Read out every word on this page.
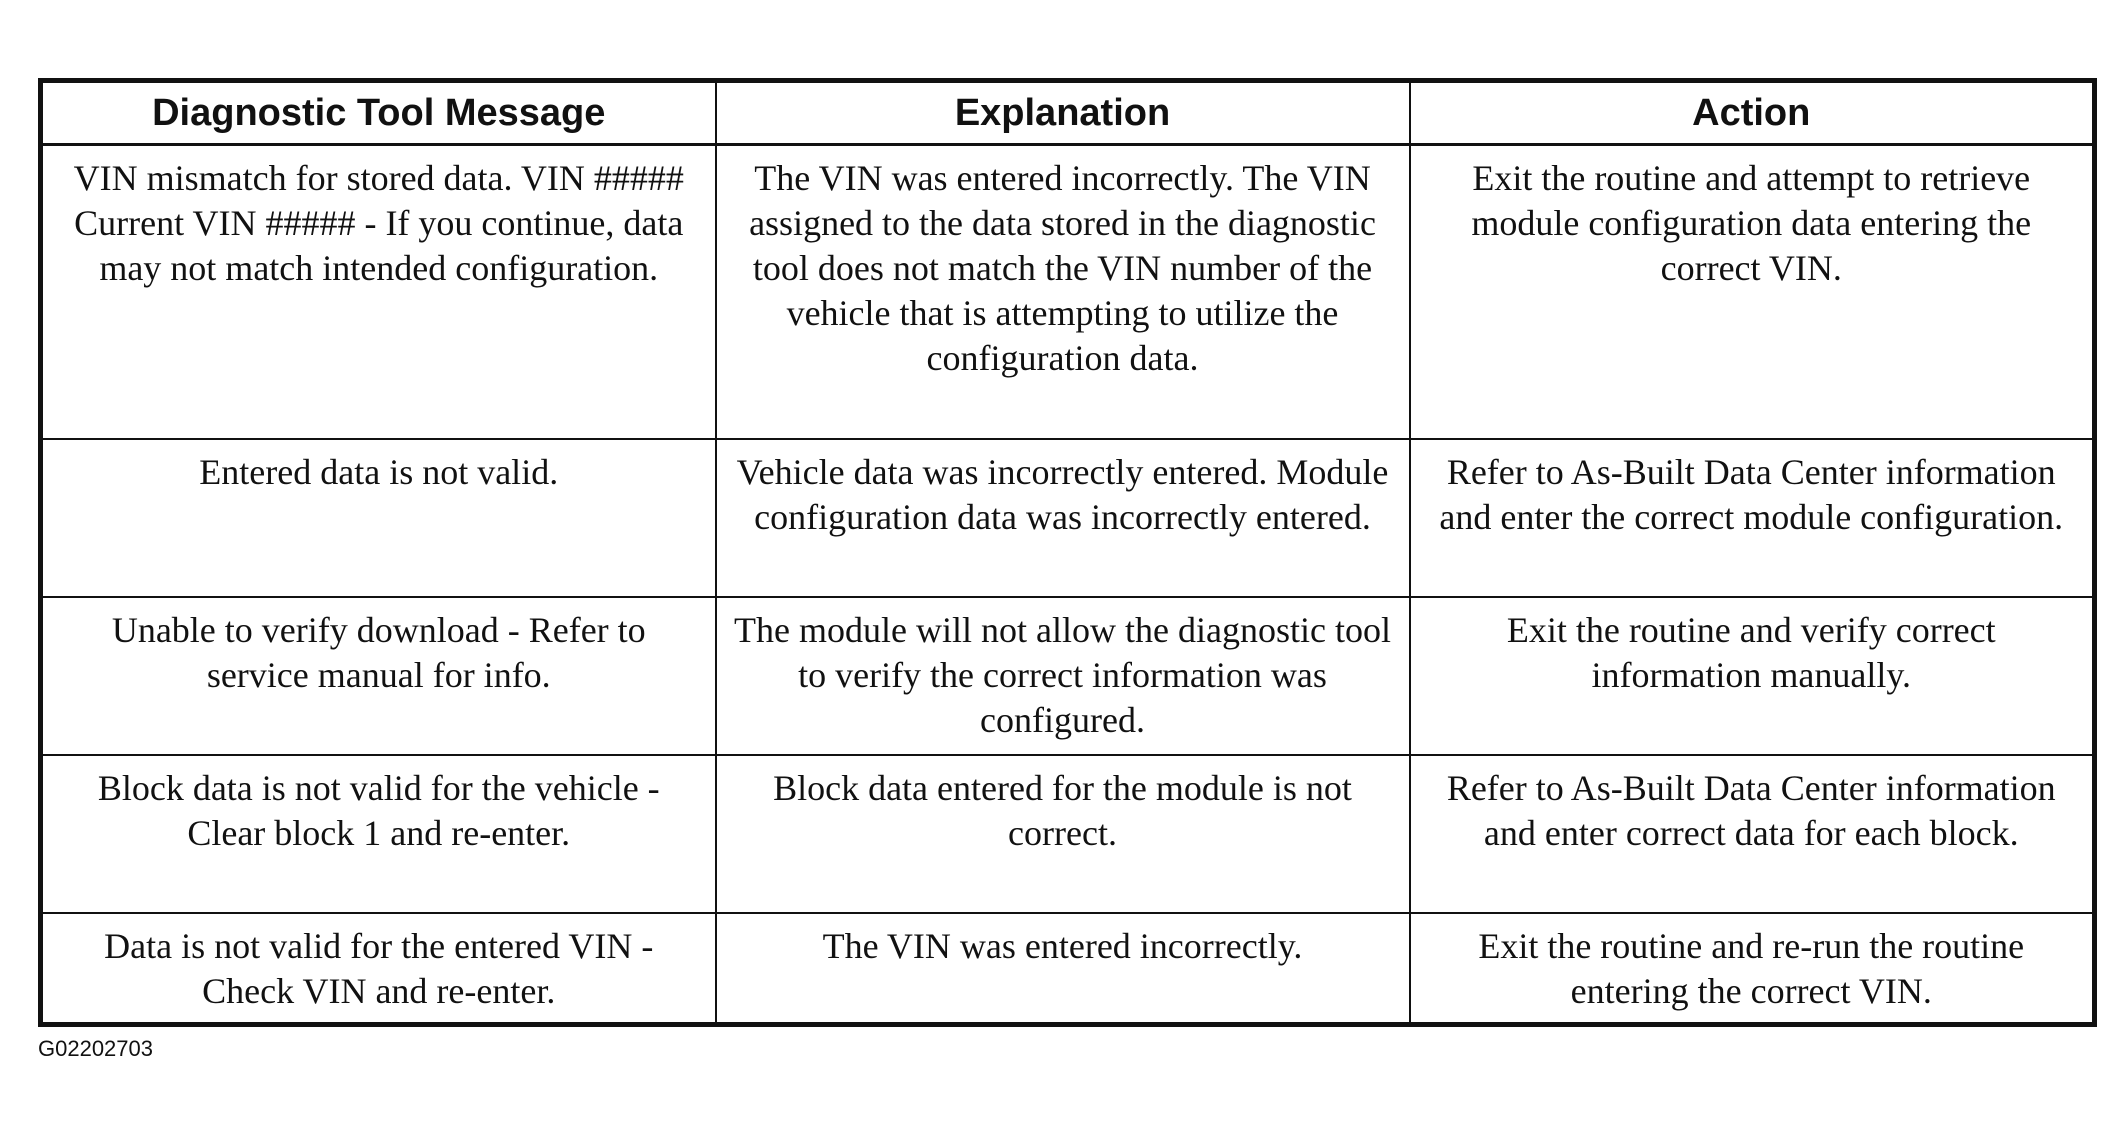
Diagnostic Tool Message	Explanation	Action
VIN mismatch for stored data. VIN ##### Current VIN ##### - If you continue, data may not match intended configuration.	The VIN was entered incorrectly. The VIN assigned to the data stored in the diagnostic tool does not match the VIN number of the vehicle that is attempting to utilize the configuration data.	Exit the routine and attempt to retrieve module configuration data entering the correct VIN.
Entered data is not valid.	Vehicle data was incorrectly entered. Module configuration data was incorrectly entered.	Refer to As-Built Data Center information and enter the correct module configuration.
Unable to verify download - Refer to service manual for info.	The module will not allow the diagnostic tool to verify the correct information was configured.	Exit the routine and verify correct information manually.
Block data is not valid for the vehicle - Clear block 1 and re-enter.	Block data entered for the module is not correct.	Refer to As-Built Data Center information and enter correct data for each block.
Data is not valid for the entered VIN - Check VIN and re-enter.	The VIN was entered incorrectly.	Exit the routine and re-run the routine entering the correct VIN.
G02202703
